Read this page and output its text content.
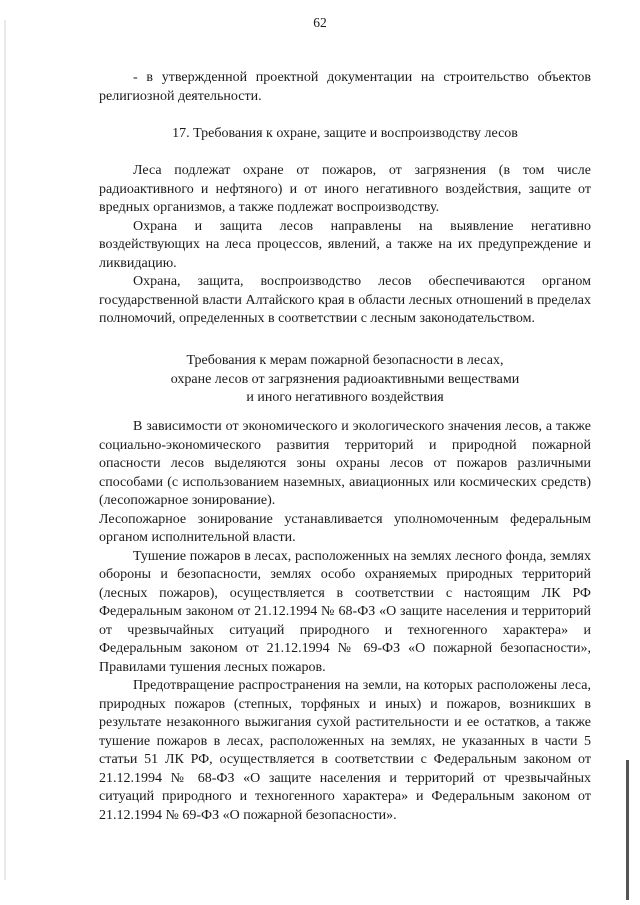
62

- в утвержденной проектной документации на строительство объектов религиозной деятельности.

17. Требования к охране, защите и воспроизводству лесов

Леса подлежат охране от пожаров, от загрязнения (в том числе радиоактивного и нефтяного) и от иного негативного воздействия, защите от вредных организмов, а также подлежат воспроизводству.

Охрана и защита лесов направлены на выявление негативно воздействующих на леса процессов, явлений, а также на их предупреждение и ликвидацию.

Охрана, защита, воспроизводство лесов обеспечиваются органом государственной власти Алтайского края в области лесных отношений в пределах полномочий, определенных в соответствии с лесным законодательством.

Требования к мерам пожарной безопасности в лесах,

охране лесов от загрязнения радиоактивными веществами

и иного негативного воздействия

В зависимости от экономического и экологического значения лесов, а также социально-экономического развития территорий и природной пожарной опасности лесов выделяются зоны охраны лесов от пожаров различными способами (с использованием наземных, авиационных или космических средств) (лесопожарное зонирование).

Лесопожарное зонирование устанавливается уполномоченным федеральным органом исполнительной власти.

Тушение пожаров в лесах, расположенных на землях лесного фонда, землях обороны и безопасности, землях особо охраняемых природных территорий (лесных пожаров), осуществляется в соответствии с настоящим ЛК РФ Федеральным законом от 21.12.1994 № 68-ФЗ «О защите населения и территорий от чрезвычайных ситуаций природного и техногенного характера» и Федеральным законом от 21.12.1994 № 69-ФЗ «О пожарной безопасности», Правилами тушения лесных пожаров.

Предотвращение распространения на земли, на которых расположены леса, природных пожаров (степных, торфяных и иных) и пожаров, возникших в результате незаконного выжигания сухой растительности и ее остатков, а также тушение пожаров в лесах, расположенных на землях, не указанных в части 5 статьи 51 ЛК РФ, осуществляется в соответствии с Федеральным законом от 21.12.1994 № 68-ФЗ «О защите населения и территорий от чрезвычайных ситуаций природного и техногенного характера» и Федеральным законом от 21.12.1994 № 69-ФЗ «О пожарной безопасности».
